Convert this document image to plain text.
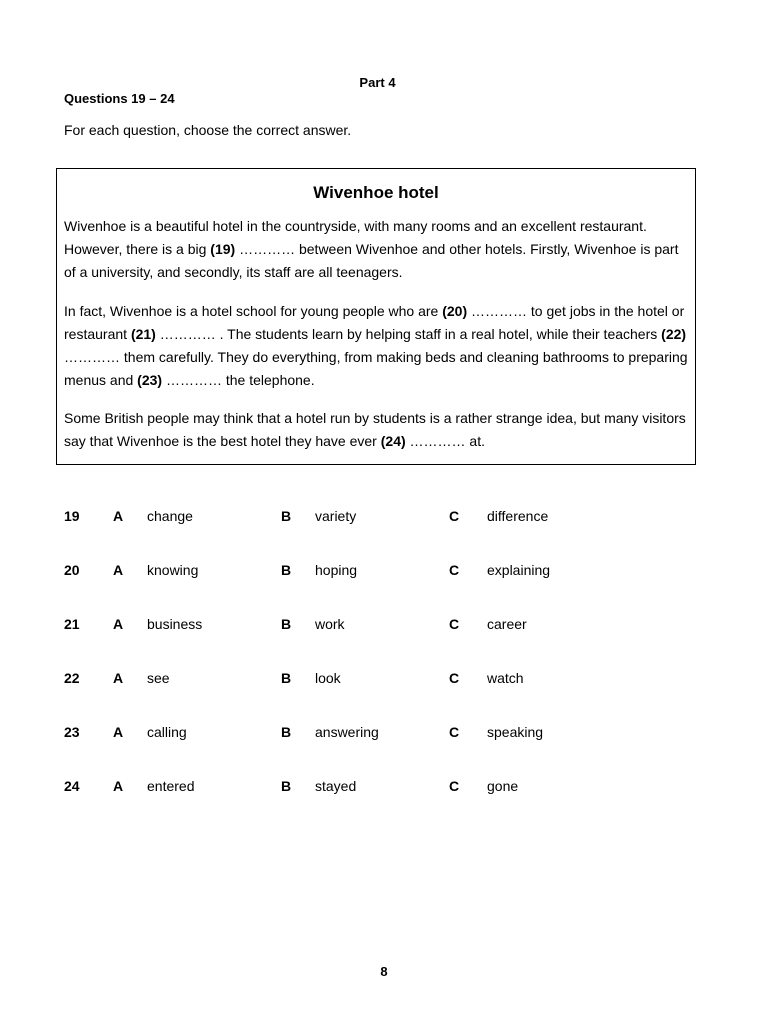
Part 4
Questions 19 – 24
For each question, choose the correct answer.
Wivenhoe hotel
Wivenhoe is a beautiful hotel in the countryside, with many rooms and an excellent restaurant. However, there is a big (19) ………… between Wivenhoe and other hotels. Firstly, Wivenhoe is part of a university, and secondly, its staff are all teenagers.
In fact, Wivenhoe is a hotel school for young people who are (20) ………… to get jobs in the hotel or restaurant (21) ………… . The students learn by helping staff in a real hotel, while their teachers (22) ………… them carefully. They do everything, from making beds and cleaning bathrooms to preparing menus and (23) ………… the telephone.
Some British people may think that a hotel run by students is a rather strange idea, but many visitors say that Wivenhoe is the best hotel they have ever (24) ………… at.
19 A change	B variety	C difference
20 A knowing	B hoping	C explaining
21 A business	B work	C career
22 A see	B look	C watch
23 A calling	B answering	C speaking
24 A entered	B stayed	C gone
8
